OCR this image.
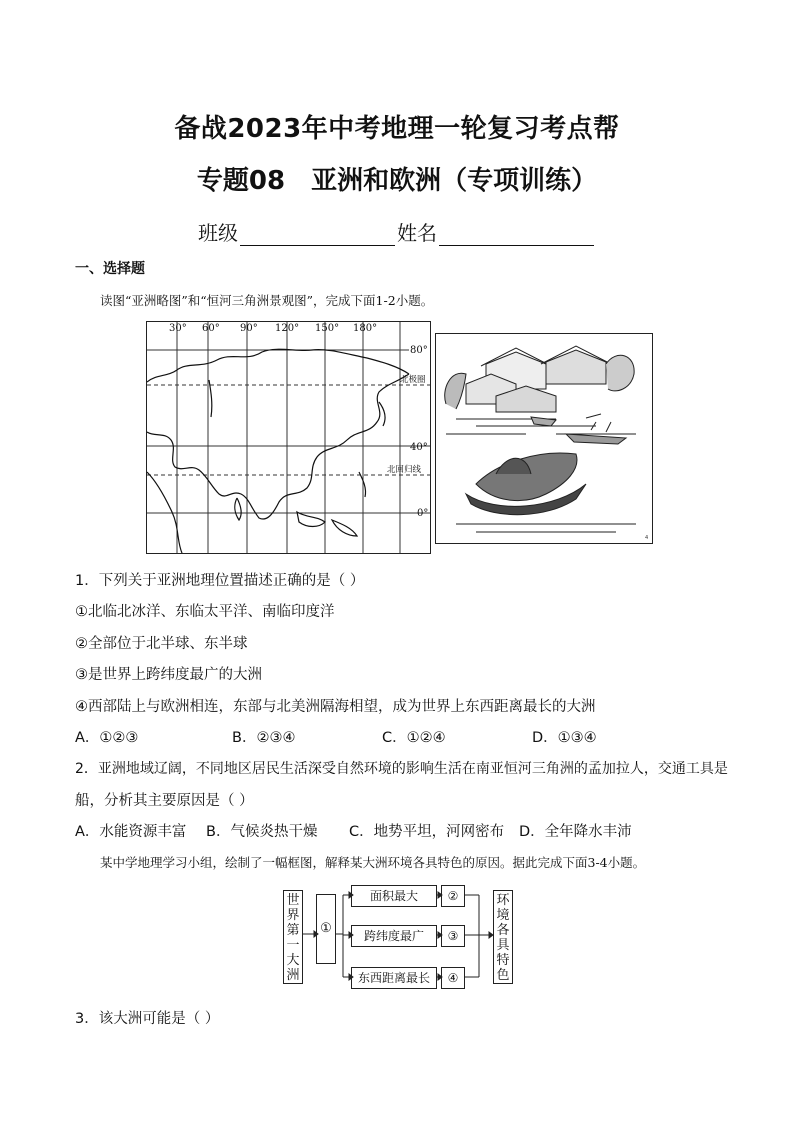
备战2023年中考地理一轮复习考点帮
专题08 亚洲和欧洲（专项训练）
班级	姓名
一、选择题
读图“亚洲略图”和“恒河三角洲景观图”，完成下面1-2小题。
30° 60° 90° 120° 150° 180°
80°
40°
0°
北极圈
北回归线
4
1．下列关于亚洲地理位置描述正确的是（ ）
①北临北冰洋、东临太平洋、南临印度洋
②全部位于北半球、东半球
③是世界上跨纬度最广的大洲
④西部陆上与欧洲相连，东部与北美洲隔海相望，成为世界上东西距离最长的大洲
A．①②③	B．②③④	C．①②④	D．①③④
2．亚洲地域辽阔，不同地区居民生活深受自然环境的影响生活在南亚恒河三角洲的孟加拉人，交通工具是
船，分析其主要原因是（ ）
A．水能资源丰富 B．气候炎热干燥 C．地势平坦，河网密布 D．全年降水丰沛
某中学地理学习小组，绘制了一幅框图，解释某大洲环境各具特色的原因。据此完成下面3-4小题。
世界第一大洲
①
面积最大
跨纬度最广
东西距离最长
②
③
④
环境各具特色
3．该大洲可能是（ ）
